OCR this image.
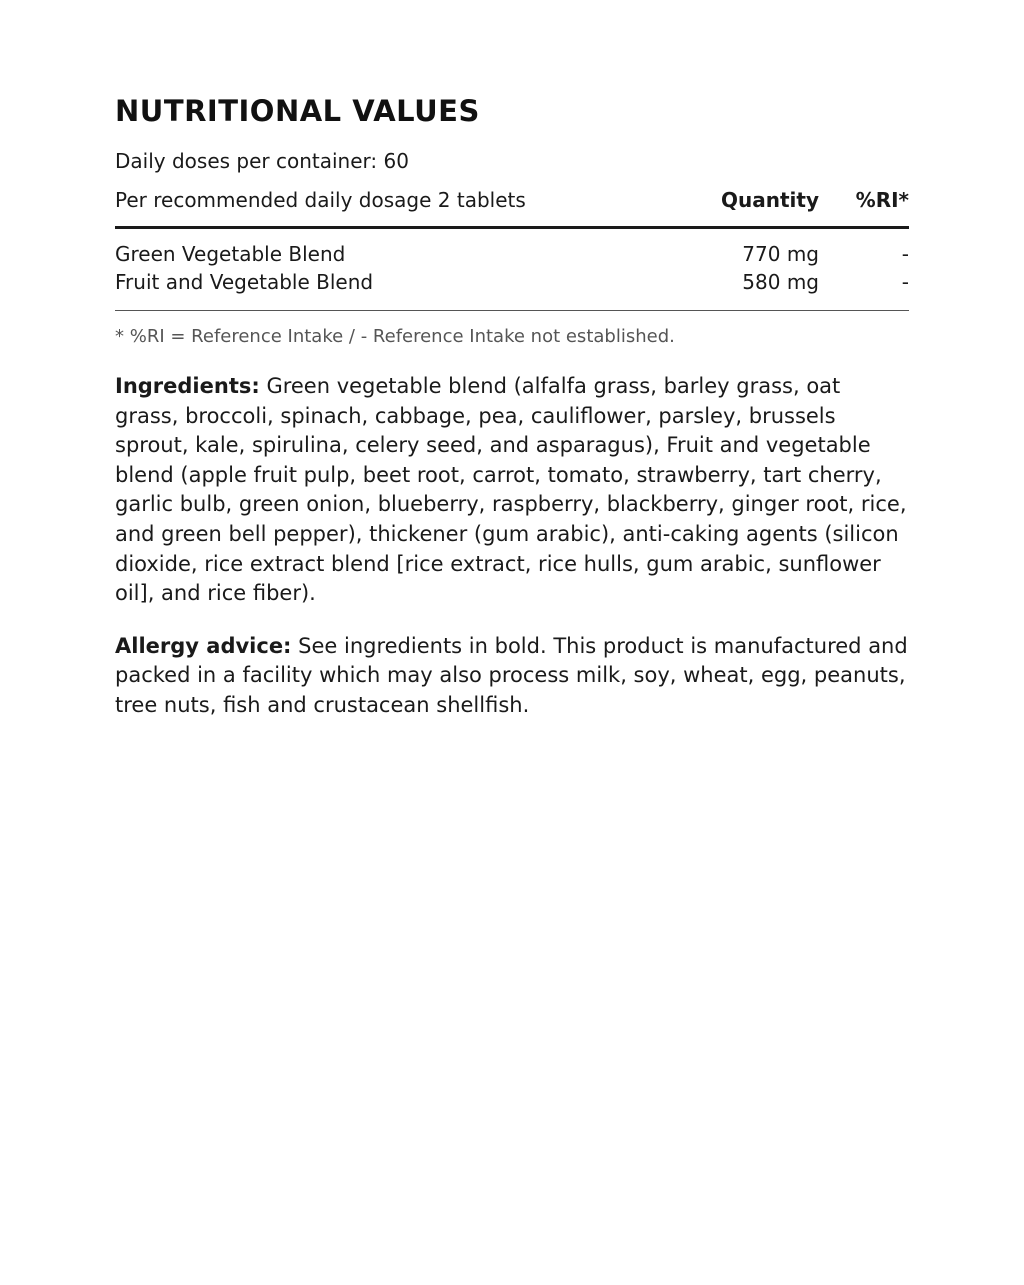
NUTRITIONAL VALUES
Daily doses per container: 60
Per recommended daily dosage 2 tablets	Quantity	%RI*
Green Vegetable Blend	770 mg	-
Fruit and Vegetable Blend	580 mg	-
* %RI = Reference Intake / - Reference Intake not established.
Ingredients: Green vegetable blend (alfalfa grass, barley grass, oat grass, broccoli, spinach, cabbage, pea, cauliflower, parsley, brussels sprout, kale, spirulina, celery seed, and asparagus), Fruit and vegetable blend (apple fruit pulp, beet root, carrot, tomato, strawberry, tart cherry, garlic bulb, green onion, blueberry, raspberry, blackberry, ginger root, rice, and green bell pepper), thickener (gum arabic), anti-caking agents (silicon dioxide, rice extract blend [rice extract, rice hulls, gum arabic, sunflower oil], and rice fiber).
Allergy advice: See ingredients in bold. This product is manufactured and packed in a facility which may also process milk, soy, wheat, egg, peanuts, tree nuts, fish and crustacean shellfish.
